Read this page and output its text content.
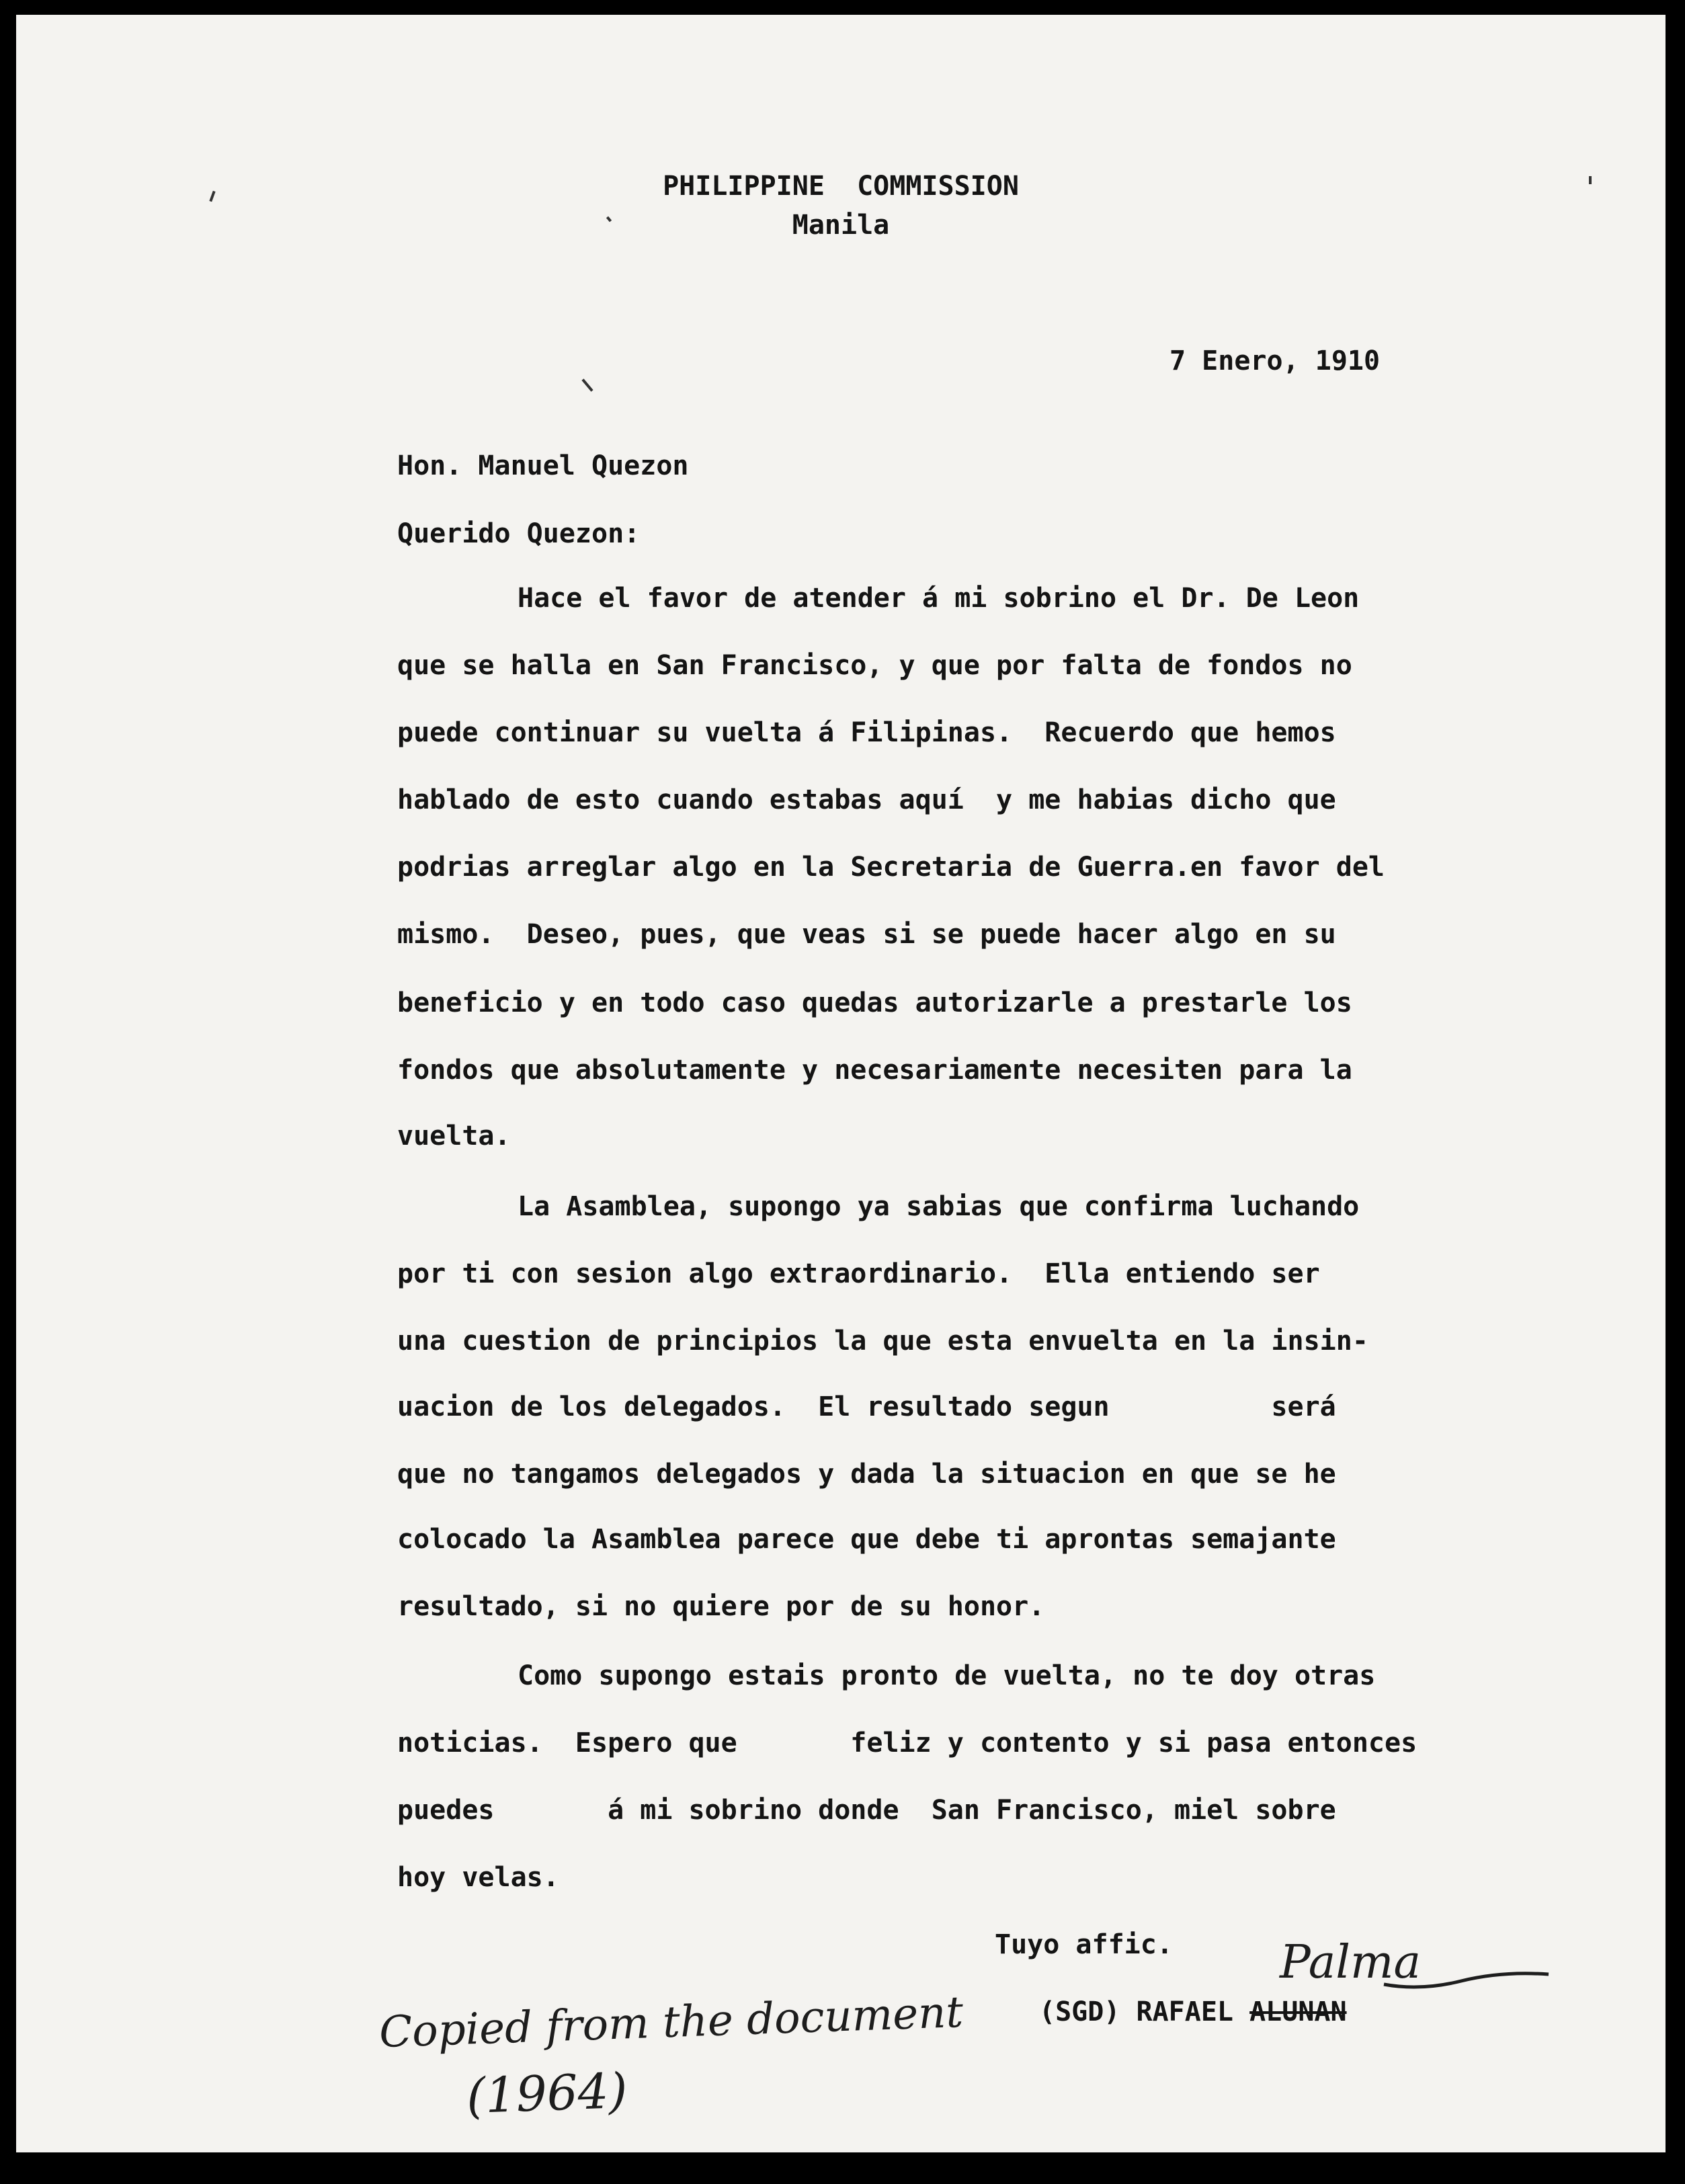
PHILIPPINE  COMMISSION

Manila

7 Enero, 1910

Hon. Manuel Quezon

Querido Quezon:

Hace el favor de atender á mi sobrino el Dr. De Leon

que se halla en San Francisco, y que por falta de fondos no

puede continuar su vuelta á Filipinas.  Recuerdo que hemos

hablado de esto cuando estabas aquí  y me habias dicho que

podrias arreglar algo en la Secretaria de Guerra.en favor del

mismo.  Deseo, pues, que veas si se puede hacer algo en su

beneficio y en todo caso quedas autorizarle a prestarle los

fondos que absolutamente y necesariamente necesiten para la

vuelta.

La Asamblea, supongo ya sabias que confirma luchando

por ti con sesion algo extraordinario.  Ella entiendo ser

una cuestion de principios la que esta envuelta en la insin-

uacion de los delegados.  El resultado segun          será

que no tangamos delegados y dada la situacion en que se he

colocado la Asamblea parece que debe ti aprontas semajante

resultado, si no quiere por de su honor.

Como supongo estais pronto de vuelta, no te doy otras

noticias.  Espero que       feliz y contento y si pasa entonces

puedes       á mi sobrino donde  San Francisco, miel sobre

hoy velas.

Tuyo affic.

(SGD) RAFAEL ALUNAN

Palma
Copied from the document
(1964)
